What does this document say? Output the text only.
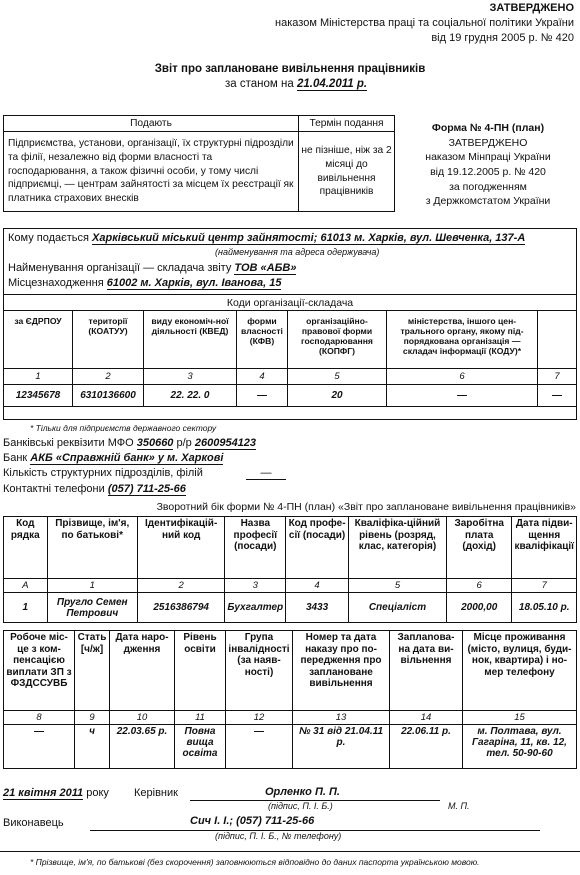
ЗАТВЕРДЖЕНО
наказом Міністерства праці та соціальної політики України
від 19 грудня 2005 р. № 420
Звіт про заплановане вивільнення працівників
за станом на 21.04.2011 р.
Подають	Термін подання
Підприємства, установи, організації, їх структурні підрозділи та філії, незалежно від форми власності та господарювання, а також фізичні особи, у тому числі підприємці, — центрам зайнятості за місцем їх реєстрації як платника страхових внесків	не пізніше, ніж за 2 місяці до вивільнення працівників
Форма № 4-ПН (план)
ЗАТВЕРДЖЕНО
наказом Мінпраці України
від 19.12.2005 р. № 420
за погодженням
з Держкомстатом України
Кому подається Харківський міський центр зайнятості; 61013 м. Харків, вул. Шевченка, 137-А
(найменування та адреса одержувача)
Найменування організації — складача звіту ТОВ «АБВ»
Місцезнаходження 61002 м. Харків, вул. Іванова, 15
Коди організації-складача						
за ЄДРПОУ	території (КОАТУУ)	виду економіч-ної діяльності (КВЕД)	форми власності (КФВ)	організаційно-правової форми господарювання (КОПФГ)	міністерства, іншого цен-трального органу, якому під-порядкована організація — складач інформації (КОДУ)*	
1	2	3	4	5	6	7
12345678	6310136600	22. 22. 0	—	20	—	—
* Тільки для підприємств державного сектору
Банківські реквізити МФО 350660 р/р 2600954123
Банк АКБ «Справжній банк» у м. Харкові
Кількість структурних підрозділів, філій	—
Контактні телефони (057) 711-25-66
Зворотний бік форми № 4-ПН (план) «Звіт про заплановане вивільнення працівників»
Код рядка	Прізвище, ім'я, по батькові*	Ідентифікацій-ний код	Назва професії (посади)	Код профе-сії (посади)	Кваліфіка-ційний рівень (розряд, клас, категорія)	Заробітна плата (дохід)	Дата підви-щення кваліфікації
А	1	2	3	4	5	6	7
1	Пругло Семен Петрович	2516386794	Бухгалтер	3433	Спеціаліст	2000,00	18.05.10 р.
Робоче міс-це з ком-пенсацією виплати ЗП з ФЗДССУВБ	Стать [ч/ж]	Дата наро-дження	Рівень освіти	Група інвалідності (за наяв-ності)	Номер та дата наказу про по-передження про заплановане вивільнення	Заплanова-на дата ви-вільнення	Місце проживання (місто, вулиця, буди-нок, квартира) і но-мер телефону
8	9	10	11	12	13	14	15
—	ч	22.03.65 р.	Повна вища освіта	—	№ 31 від 21.04.11 р.	22.06.11 р.	м. Полтава, вул. Гагаріна, 11, кв. 12, тел. 50-90-60
21 квітня 2011 року Керівник	Орленко П. П.
(підпис, П. І. Б.)	М. П.
Виконавець	Сич І. І.; (057) 711-25-66
(підпис, П. І. Б., № телефону)
* Прізвище, ім'я, по батькові (без скорочення) заповнюються відповідно до даних паспорта українською мовою.
